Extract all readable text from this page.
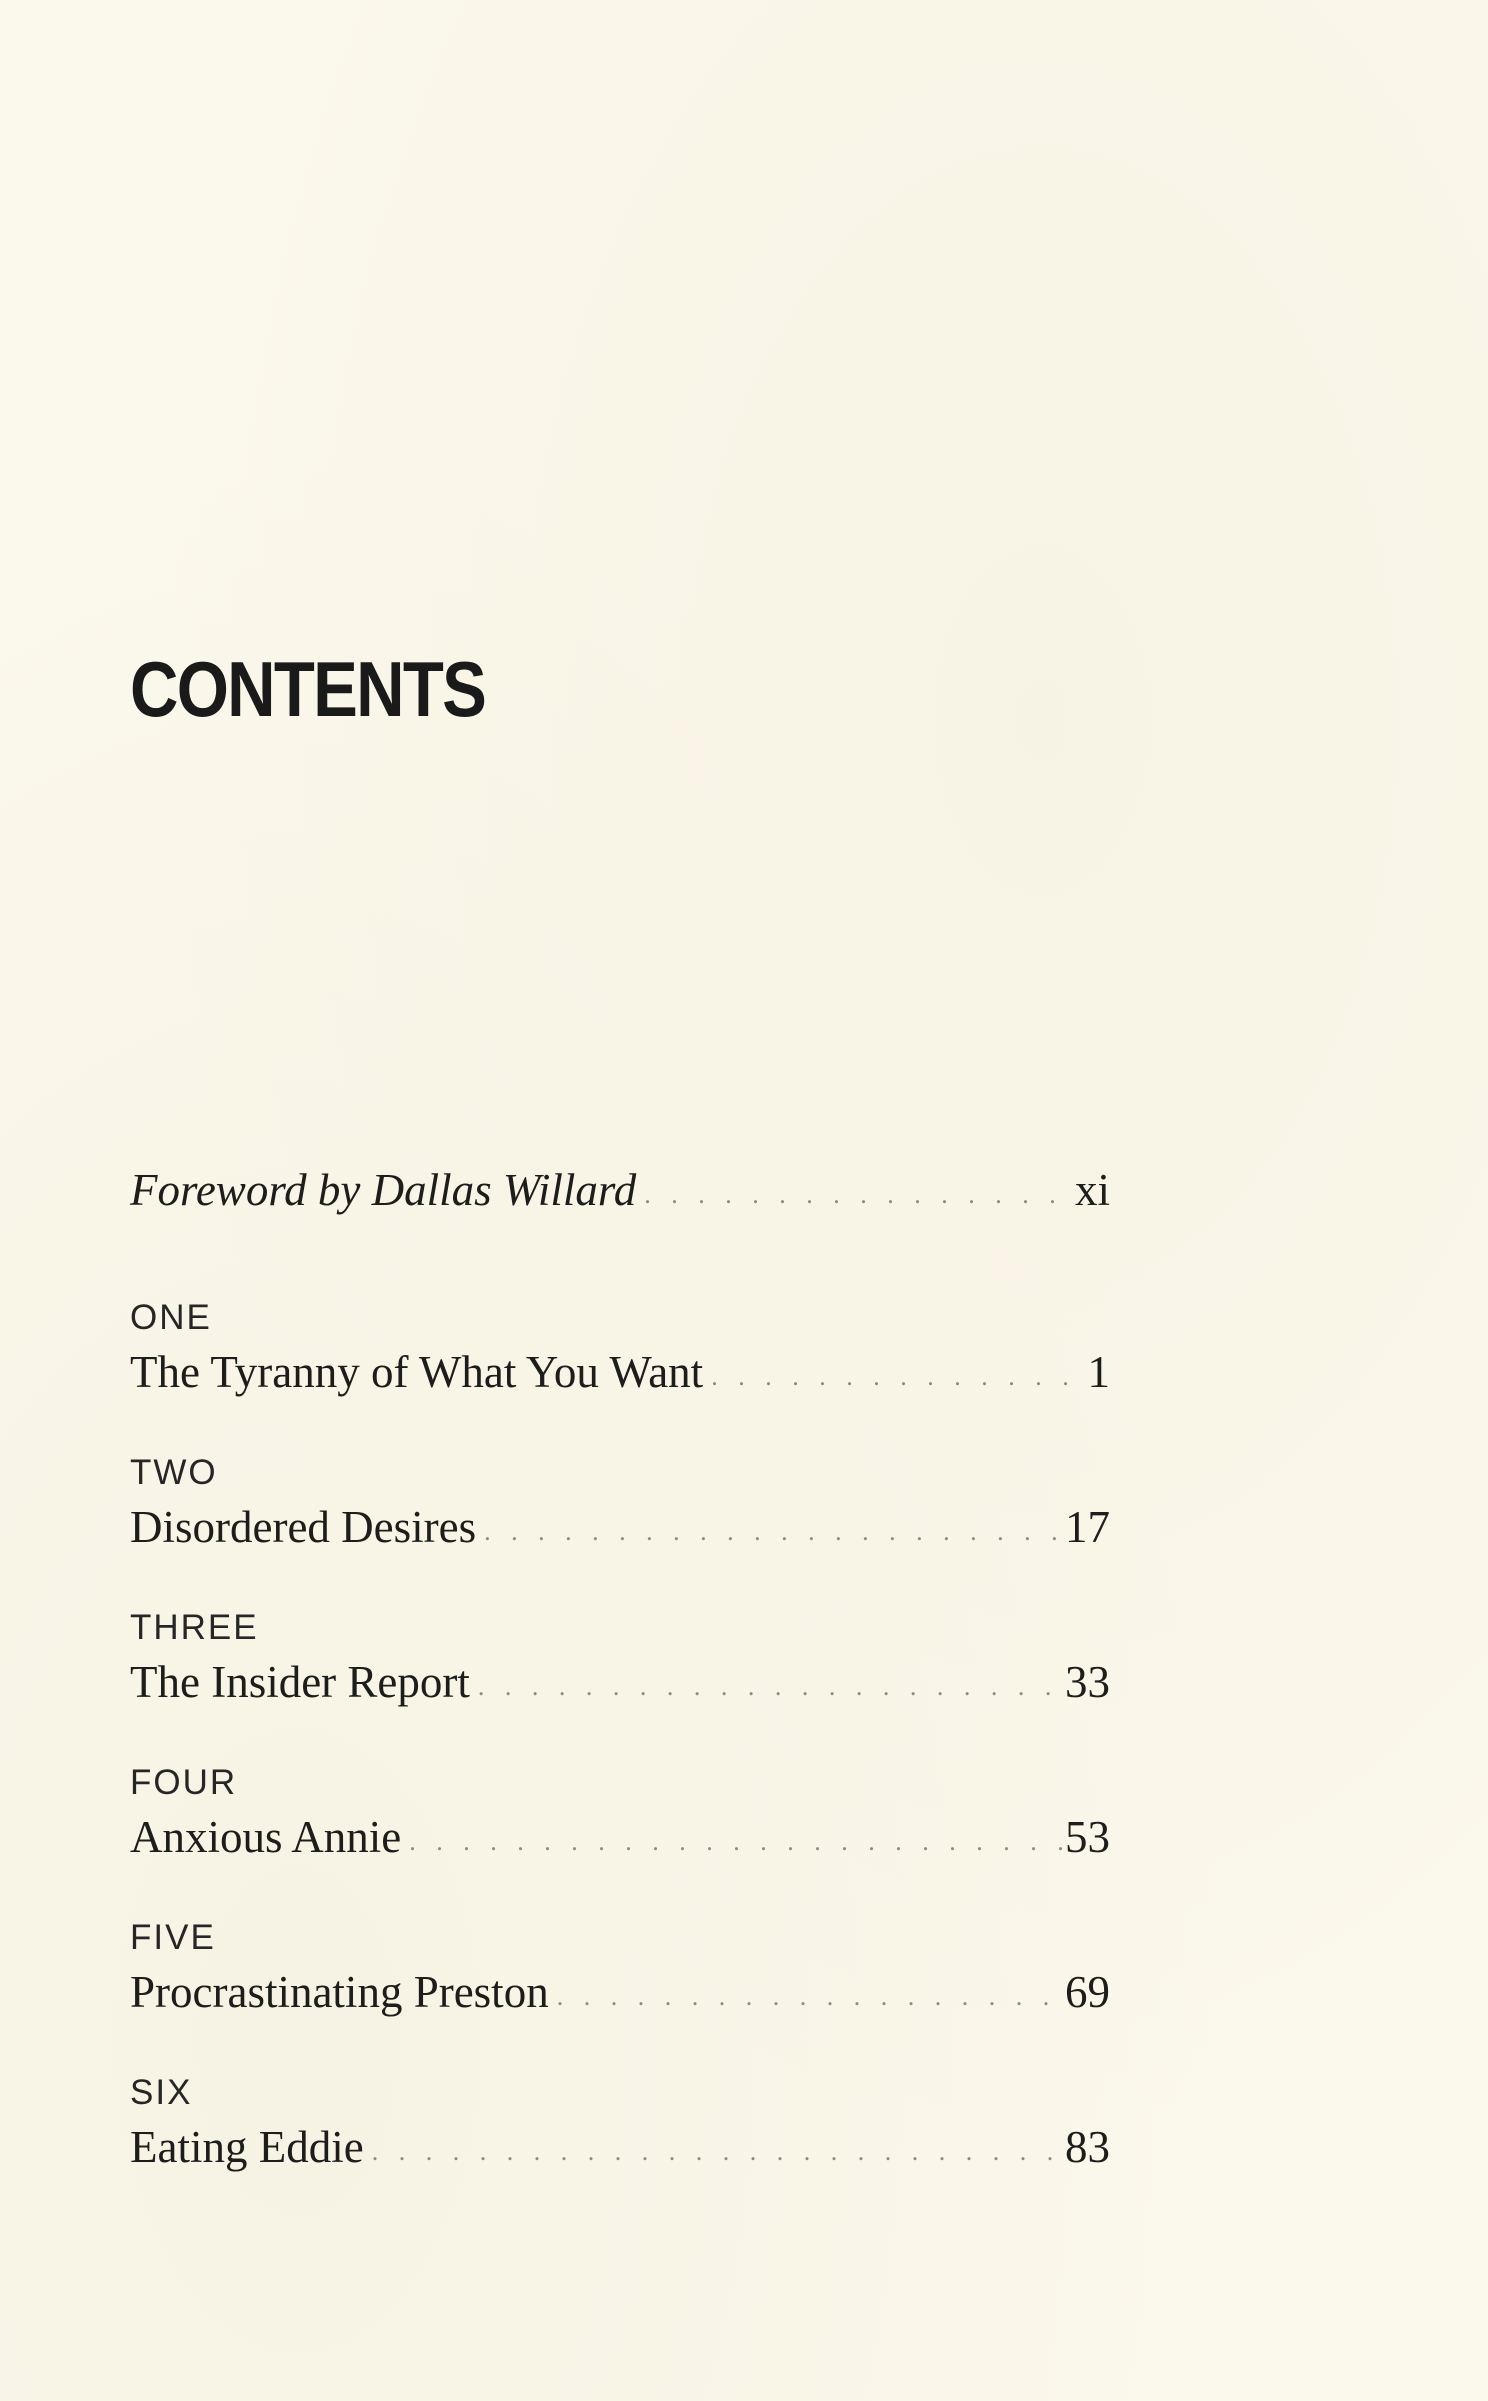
CONTENTS
Foreword by Dallas Willard . . .	xi
ONE
The Tyranny of What You Want . . .	1
TWO
Disordered Desires . . .	17
THREE
The Insider Report . . .	33
FOUR
Anxious Annie . . .	53
FIVE
Procrastinating Preston . . .	69
SIX
Eating Eddie . . .	83
